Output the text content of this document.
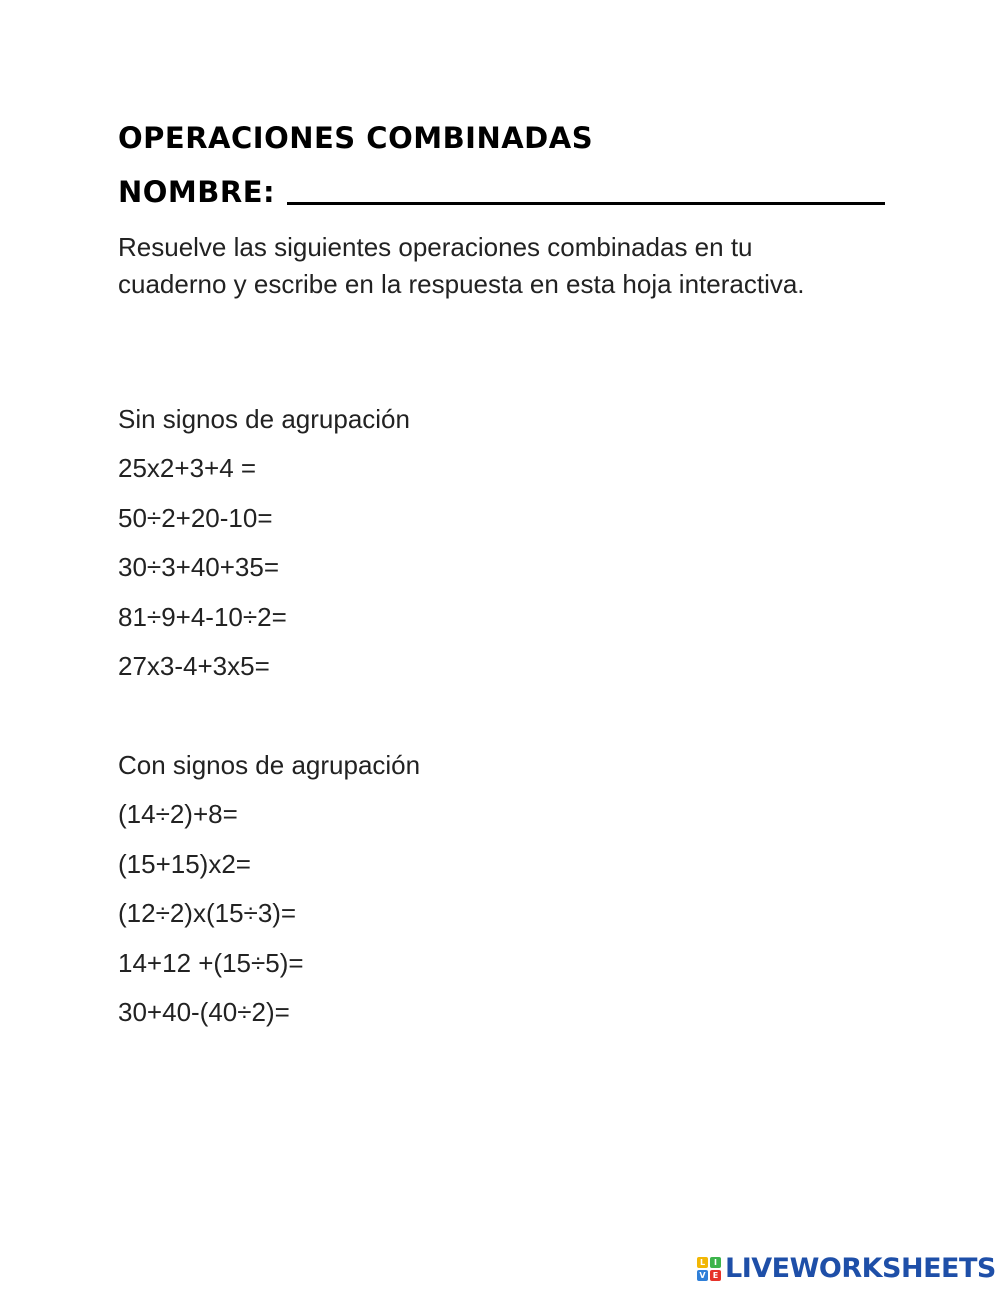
OPERACIONES COMBINADAS
NOMBRE:
Resuelve las siguientes operaciones combinadas en tu cuaderno y escribe en la respuesta en esta hoja interactiva.
Sin signos de agrupación
25x2+3+4 =
50÷2+20-10=
30÷3+40+35=
81÷9+4-10÷2=
27x3-4+3x5=
Con signos de agrupación
(14÷2)+8=
(15+15)x2=
(12÷2)x(15÷3)=
14+12 +(15÷5)=
30+40-(40÷2)=
L	I
V E LIVEWORKSHEETS
